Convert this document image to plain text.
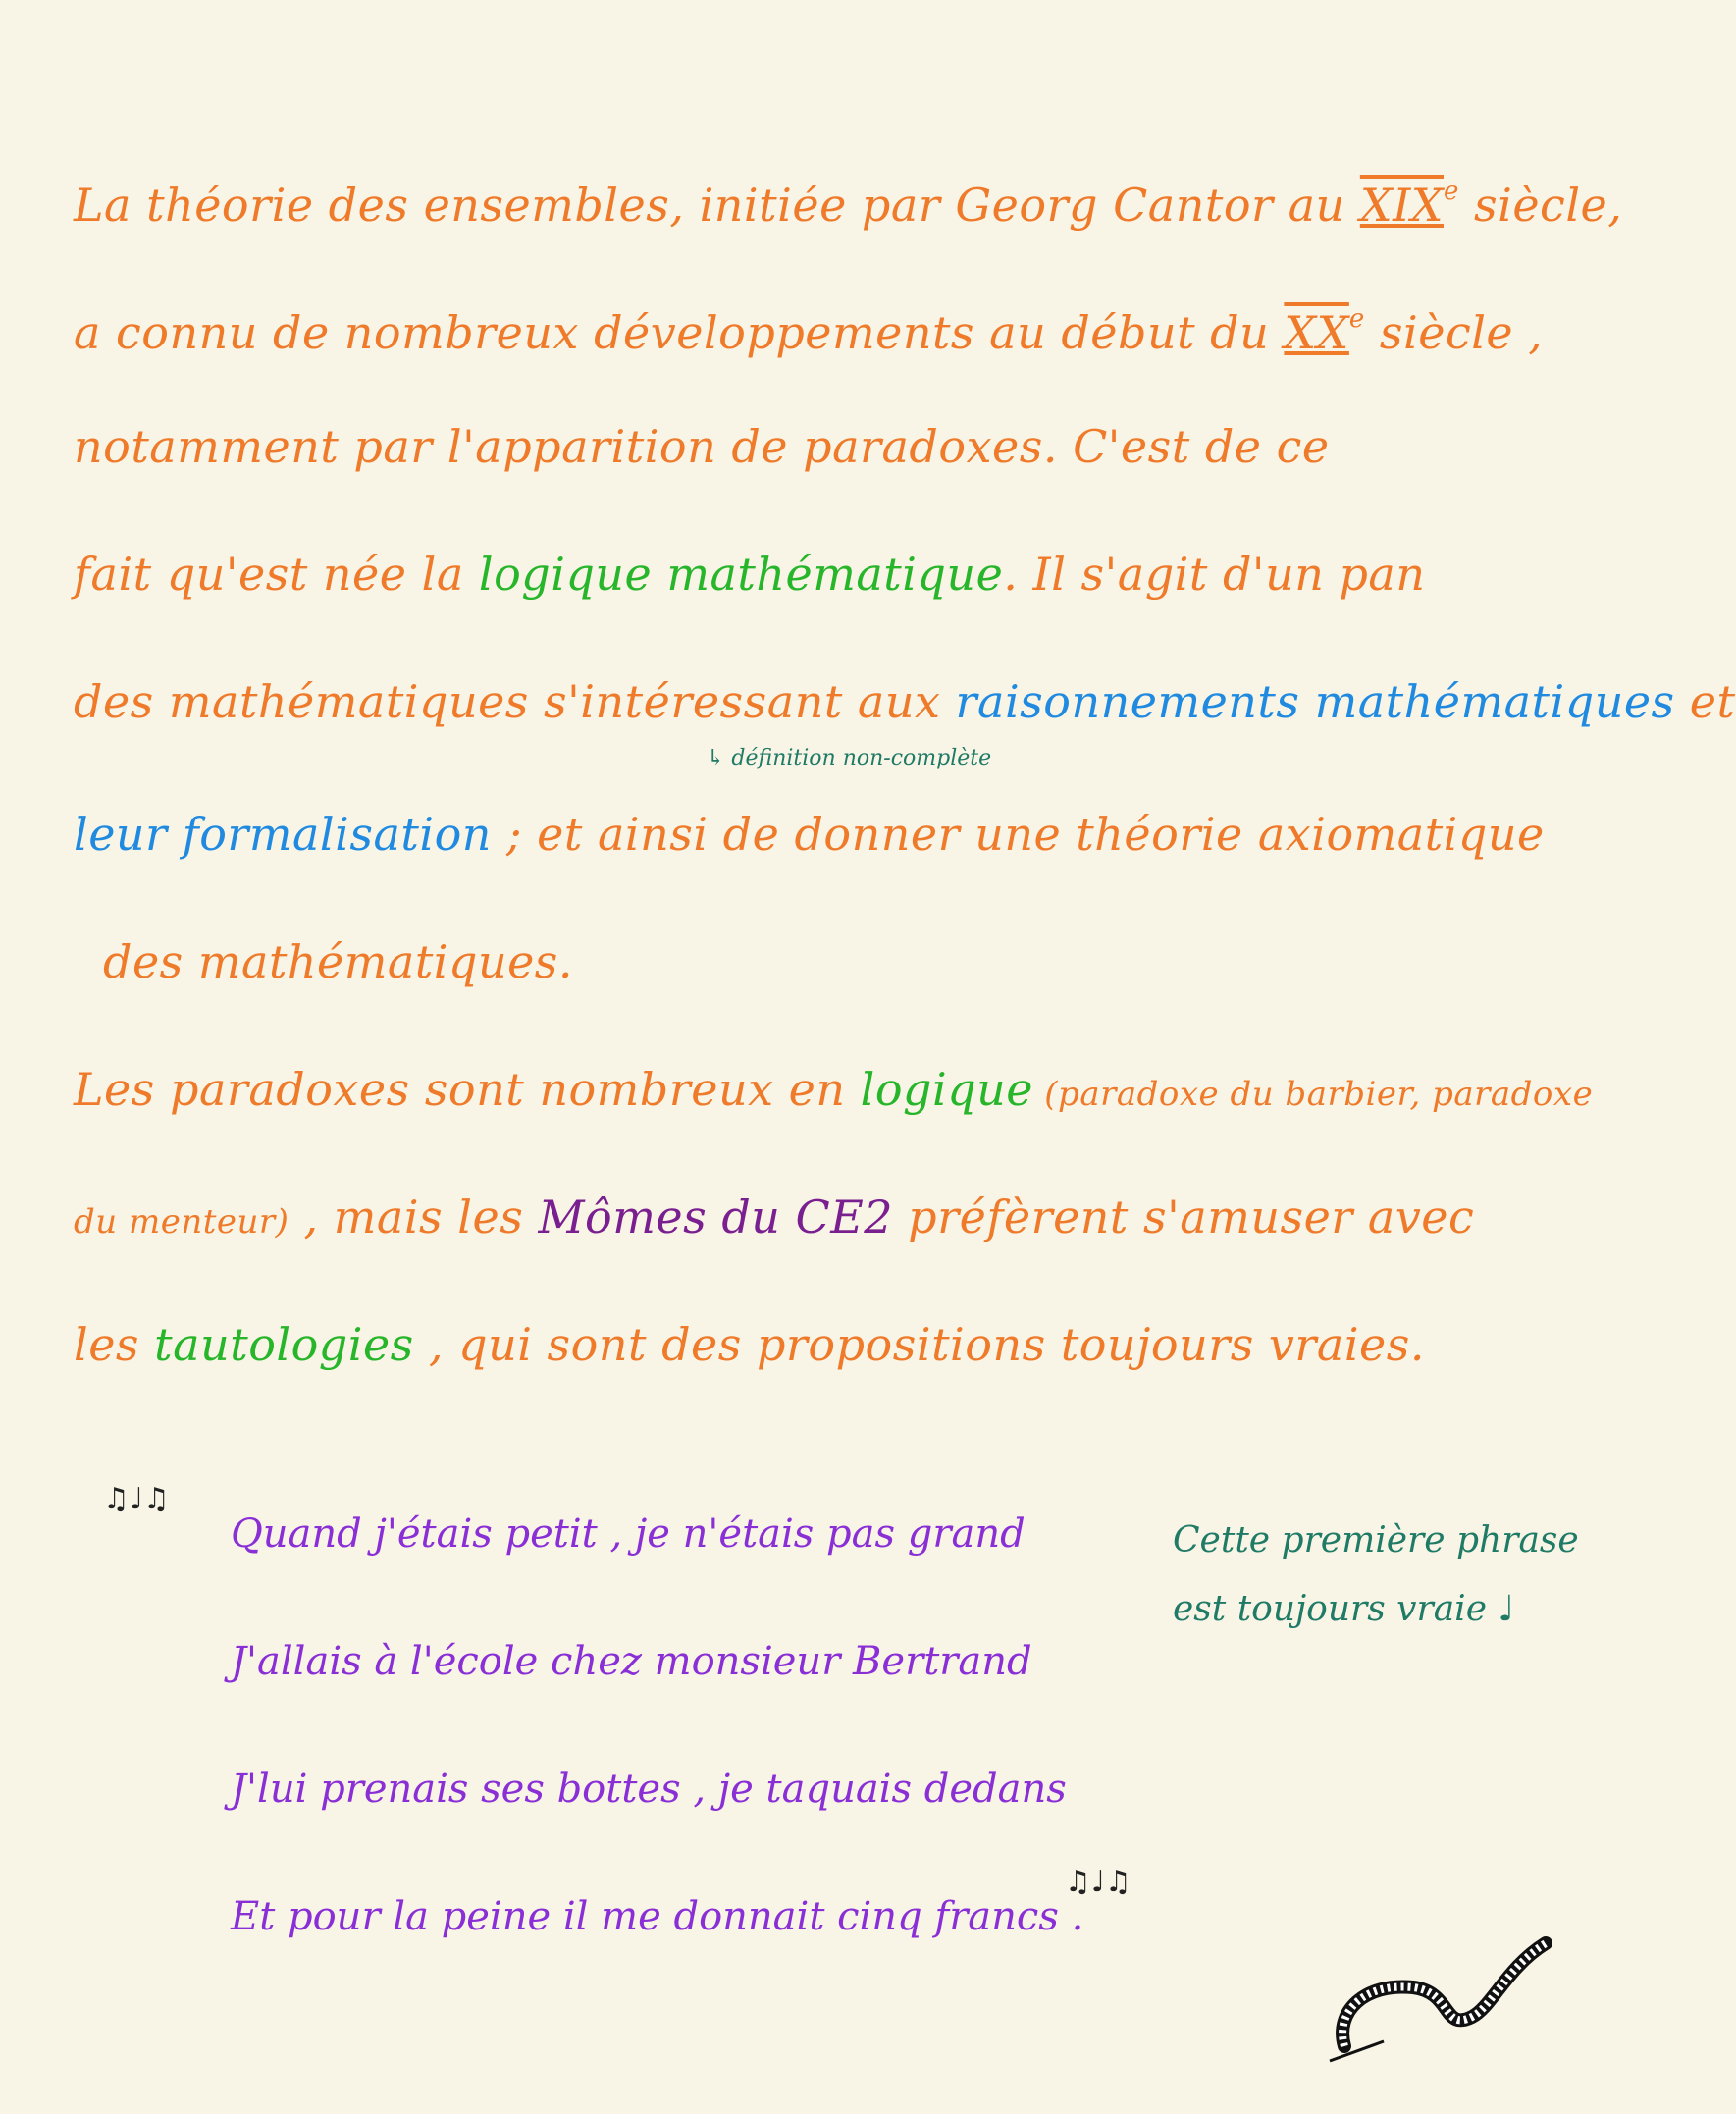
La théorie des ensembles, initiée par Georg Cantor au XIXe siècle,
a connu de nombreux développements au début du XXe siècle ,
notamment par l'apparition de paradoxes. C'est de ce
fait qu'est née la logique mathématique. Il s'agit d'un pan
des mathématiques s'intéressant aux raisonnements mathématiques et
↳ définition non-complète
leur formalisation ; et ainsi de donner une théorie axiomatique
des mathématiques.
Les paradoxes sont nombreux en logique (paradoxe du barbier, paradoxe
du menteur) , mais les Mômes du CE2 préfèrent s'amuser avec
les tautologies , qui sont des propositions toujours vraies.
♫♩♫
Quand j'étais petit , je n'étais pas grand
J'allais à l'école chez monsieur Bertrand
J'lui prenais ses bottes , je taquais dedans
Et pour la peine il me donnait cinq francs .
♫♩♫
Cette première phrase est toujours vraie ♩
